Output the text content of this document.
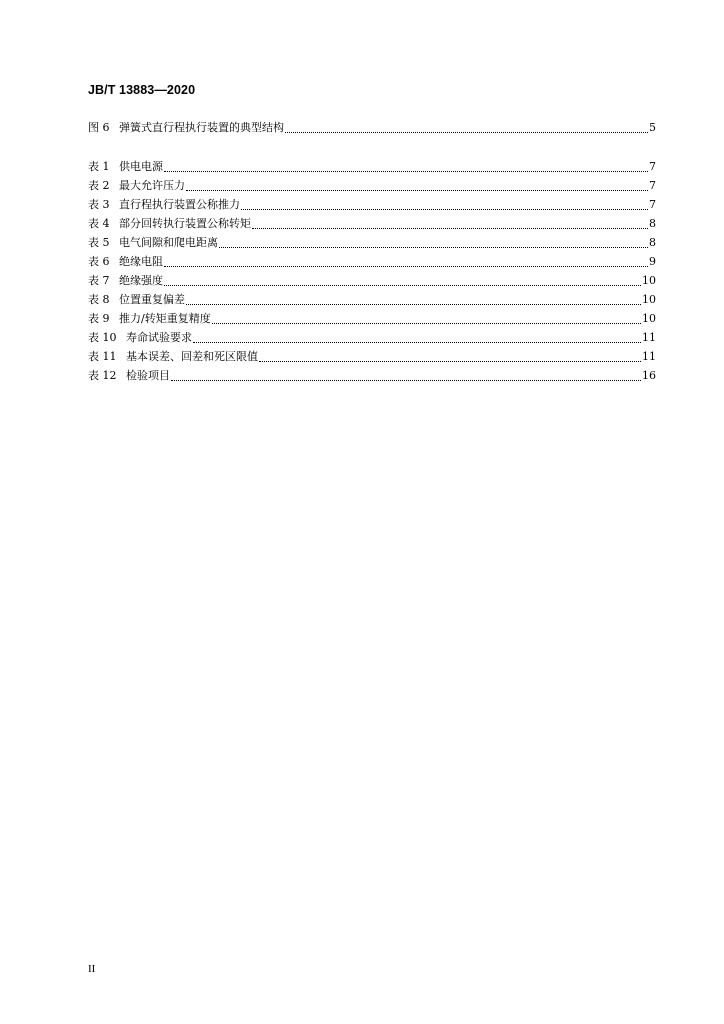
JB/T 13883—2020
图 6 弹簧式直行程执行装置的典型结构	5
表 1 供电电源	7
表 2 最大允许压力	7
表 3 直行程执行装置公称推力	7
表 4 部分回转执行装置公称转矩	8
表 5 电气间隙和爬电距离	8
表 6 绝缘电阻	9
表 7 绝缘强度	10
表 8 位置重复偏差	10
表 9 推力/转矩重复精度	10
表 10 寿命试验要求	11
表 11 基本误差、回差和死区限值	11
表 12 检验项目	16
II
